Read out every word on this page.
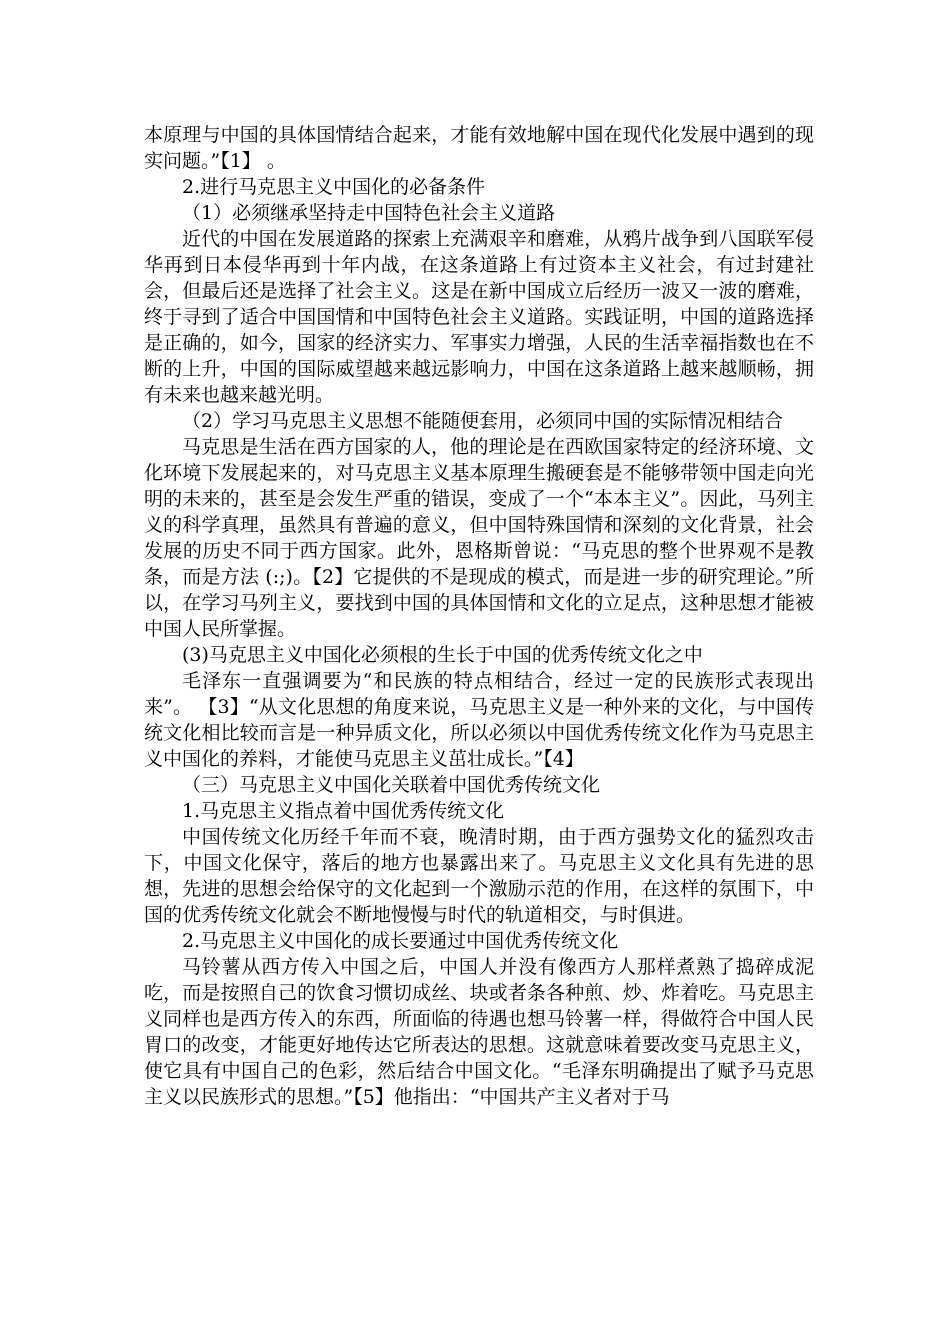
本原理与中国的具体国情结合起来，才能有效地解中国在现代化发展中遇到的现实问题。”【1】 。

2.进行马克思主义中国化的必备条件

（1）必须继承坚持走中国特色社会主义道路

近代的中国在发展道路的探索上充满艰辛和磨难，从鸦片战争到八国联军侵华再到日本侵华再到十年内战，在这条道路上有过资本主义社会，有过封建社会，但最后还是选择了社会主义。这是在新中国成立后经历一波又一波的磨难，终于寻到了适合中国国情和中国特色社会主义道路。实践证明，中国的道路选择是正确的，如今，国家的经济实力、军事实力增强，人民的生活幸福指数也在不断的上升，中国的国际威望越来越远影响力，中国在这条道路上越来越顺畅，拥有未来也越来越光明。

（2）学习马克思主义思想不能随便套用，必须同中国的实际情况相结合

马克思是生活在西方国家的人，他的理论是在西欧国家特定的经济环境、文化环境下发展起来的，对马克思主义基本原理生搬硬套是不能够带领中国走向光明的未来的，甚至是会发生严重的错误，变成了一个“本本主义”。因此，马列主义的科学真理，虽然具有普遍的意义，但中国特殊国情和深刻的文化背景，社会发展的历史不同于西方国家。此外，恩格斯曾说：“马克思的整个世界观不是教条，而是方法 (:;)。【2】它提供的不是现成的模式，而是进一步的研究理论。”所以，在学习马列主义，要找到中国的具体国情和文化的立足点，这种思想才能被中国人民所掌握。

(3)马克思主义中国化必须根的生长于中国的优秀传统文化之中

毛泽东一直强调要为“和民族的特点相结合，经过一定的民族形式表现出来”。 【3】“从文化思想的角度来说，马克思主义是一种外来的文化，与中国传统文化相比较而言是一种异质文化，所以必须以中国优秀传统文化作为马克思主义中国化的养料，才能使马克思主义茁壮成长。”【4】

（三）马克思主义中国化关联着中国优秀传统文化

1.马克思主义指点着中国优秀传统文化

中国传统文化历经千年而不衰，晚清时期，由于西方强势文化的猛烈攻击下，中国文化保守，落后的地方也暴露出来了。马克思主义文化具有先进的思想，先进的思想会给保守的文化起到一个激励示范的作用，在这样的氛围下，中国的优秀传统文化就会不断地慢慢与时代的轨道相交，与时俱进。

2.马克思主义中国化的成长要通过中国优秀传统文化

马铃薯从西方传入中国之后，中国人并没有像西方人那样煮熟了捣碎成泥吃，而是按照自己的饮食习惯切成丝、块或者条各种煎、炒、炸着吃。马克思主义同样也是西方传入的东西，所面临的待遇也想马铃薯一样，得做符合中国人民胃口的改变，才能更好地传达它所表达的思想。这就意味着要改变马克思主义，使它具有中国自己的色彩，然后结合中国文化。“毛泽东明确提出了赋予马克思主义以民族形式的思想。”【5】他指出：“中国共产主义者对于马
